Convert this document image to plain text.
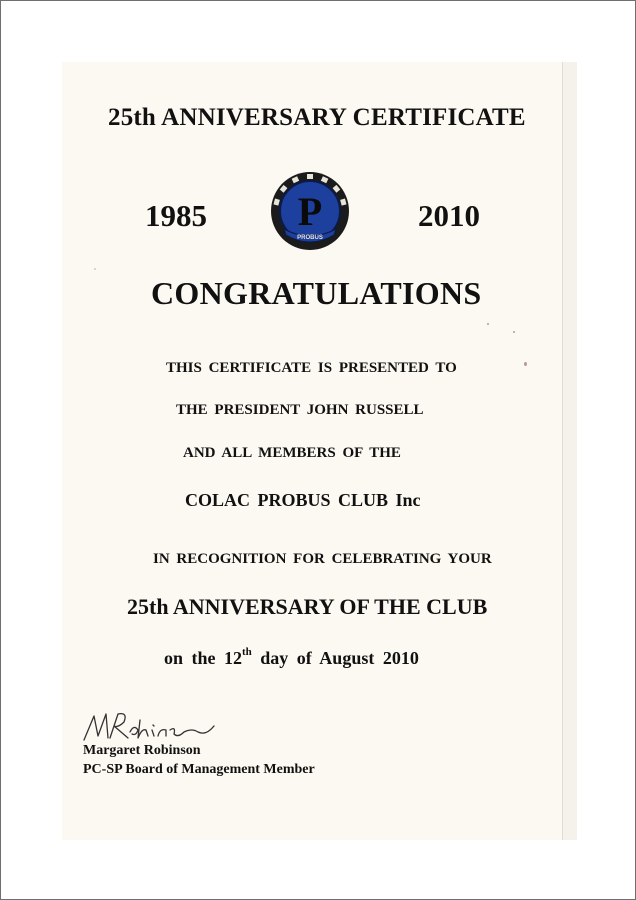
25th ANNIVERSARY CERTIFICATE
1985	2010
P
PROBUS
CONGRATULATIONS
THIS CERTIFICATE IS PRESENTED TO
THE PRESIDENT JOHN RUSSELL
AND ALL MEMBERS OF THE
COLAC PROBUS CLUB Inc
IN RECOGNITION FOR CELEBRATING YOUR
25th ANNIVERSARY OF THE CLUB
on the 12th day of August 2010
Margaret Robinson
PC-SP Board of Management Member
